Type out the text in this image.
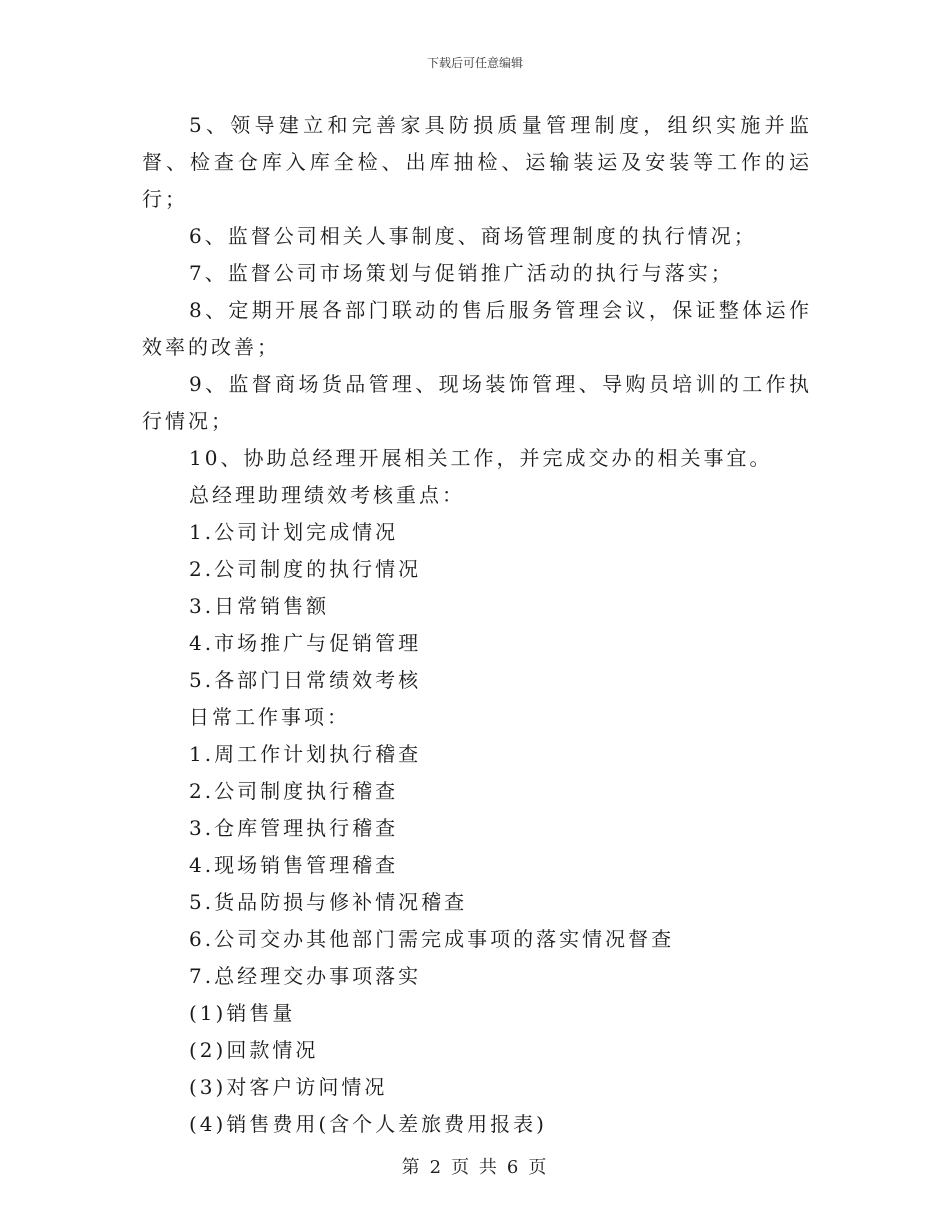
下载后可任意编辑
5、领导建立和完善家具防损质量管理制度，组织实施并监督、检查仓库入库全检、出库抽检、运输装运及安装等工作的运行；
6、监督公司相关人事制度、商场管理制度的执行情况；
7、监督公司市场策划与促销推广活动的执行与落实；
8、定期开展各部门联动的售后服务管理会议，保证整体运作效率的改善；
9、监督商场货品管理、现场装饰管理、导购员培训的工作执行情况；
10、协助总经理开展相关工作，并完成交办的相关事宜。
总经理助理绩效考核重点：
1.公司计划完成情况
2.公司制度的执行情况
3.日常销售额
4.市场推广与促销管理
5.各部门日常绩效考核
日常工作事项：
1.周工作计划执行稽查
2.公司制度执行稽查
3.仓库管理执行稽查
4.现场销售管理稽查
5.货品防损与修补情况稽查
6.公司交办其他部门需完成事项的落实情况督查
7.总经理交办事项落实
(1)销售量
(2)回款情况
(3)对客户访问情况
(4)销售费用(含个人差旅费用报表)
第 2 页 共 6 页
